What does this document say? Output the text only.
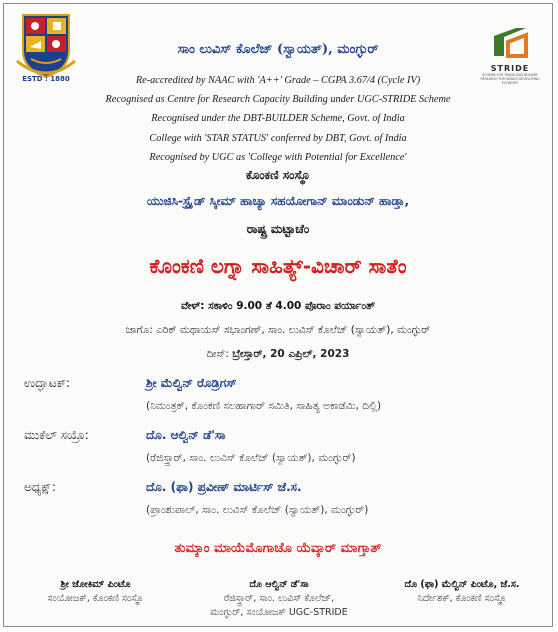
ESTD : 1880
STRIDE
SCHEME FOR TRANS-DISCIPLINARY RESEARCH FOR INDIA'S DEVELOPING ECONOMY
ಸಾಂ ಲುವಿಸ್ ಕೊಲೆಜ್ (ಸ್ವಾಯತ್), ಮಂಗ್ಳುರ್
Re-accredited by NAAC with 'A++' Grade – CGPA 3.67/4 (Cycle IV)
Recognised as Centre for Research Capacity Building under UGC-STRIDE Scheme
Recognised under the DBT-BUILDER Scheme, Govt. of India
College with 'STAR STATUS' conferred by DBT, Govt. of India
Recognised by UGC as 'College with Potential for Excellence'
ಕೊಂಕಣಿ ಸಂಸ್ಥೊ
ಯುಜಿಸಿ-ಸ್ಟ್ರೈಡ್ ಸ್ಕೀಮ್ ಹಾಚ್ಯಾ ಸಹಯೋಗಾನ್ ಮಾಂಡುನ್ ಹಾಡ್ತಾ,
ರಾಷ್ಟ್ರ ಮಟ್ಟಾಚೆಂ
ಕೊಂಕಣಿ ಲಗ್ನಾ ಸಾಹಿತ್ಯ್-ವಿಚಾರ್ ಸಾತೆಂ
ವೇಳ್: ಸಕಾಳಿಂ 9.00 ತೆ 4.00 ಪೊರಾಂ ಪರ್ಯಾಂತ್
ಜಾಗೊ: ಎರಿಕ್ ಮಥಾಯಸ್ ಸಭಾಂಗಣ್, ಸಾಂ. ಲುವಿಸ್ ಕೊಲೆಜ್ (ಸ್ವಾಯತ್), ಮಂಗ್ಳುರ್
ದೀಸ್: ಬ್ರೇಸ್ತಾರ್, 20 ಎಪ್ರಿಲ್, 2023
ಉದ್ಘಾಟಕ್:	ಶ್ರೀ ಮೆಲ್ವಿನ್ ರೊಡ್ರಿಗಸ್
(ನಿಮಂತ್ರಕ್, ಕೊಂಕಣಿ ಸಲಹಾಗಾರ್ ಸಮಿತಿ, ಸಾಹಿತ್ಯ ಅಕಾಡೆಮಿ, ದಿಲ್ಲಿ)
ಮುಕೆಲ್ ಸಯ್ರೊ:	ದೊ. ಆಲ್ವಿನ್ ಡೆ'ಸಾ
(ರೆಜಿಸ್ತ್ರಾರ್, ಸಾಂ. ಲುವಿಸ್ ಕೊಲೆಜ್ (ಸ್ವಾಯತ್), ಮಂಗ್ಳುರ್)
ಅಧ್ಯಕ್ಷ್:	ದೊ. (ಫಾ) ಪ್ರವೀಣ್ ಮಾರ್ಟಿಸ್ ಜೆ.ಸ.
(ಪ್ರಾಂಶುಪಾಲ್, ಸಾಂ. ಲುವಿಸ್ ಕೊಲೆಜ್ (ಸ್ವಾಯತ್), ಮಂಗ್ಳುರ್)
ತುಮ್ಕಾಂ ಮಾಯೆಮೊಗಾಚೊ ಯೆವ್ಕಾರ್ ಮಾಗ್ತಾತ್
ಶ್ರೀ ಜೋಕಿಮ್ ಪಿಂಟೊ
ಸಂಯೋಜಕ್, ಕೊಂಕಣಿ ಸಂಸ್ಥೊ
ದೊ ಆಲ್ವಿನ್ ಡೆ'ಸಾ
ರೆಜಿಸ್ತ್ರಾರ್, ಸಾಂ. ಲುವಿಸ್ ಕೊಲೆಜ್,
ಮಂಗ್ಳುರ್, ಸಂಯೋಜಕ್ UGC-STRIDE
ದೊ (ಫಾ) ಮೆಲ್ವಿನ್ ಪಿಂಟೊ, ಜೆ.ಸ.
ನಿರ್ದೇಶಕ್, ಕೊಂಕಣಿ ಸಂಸ್ಥೊ
